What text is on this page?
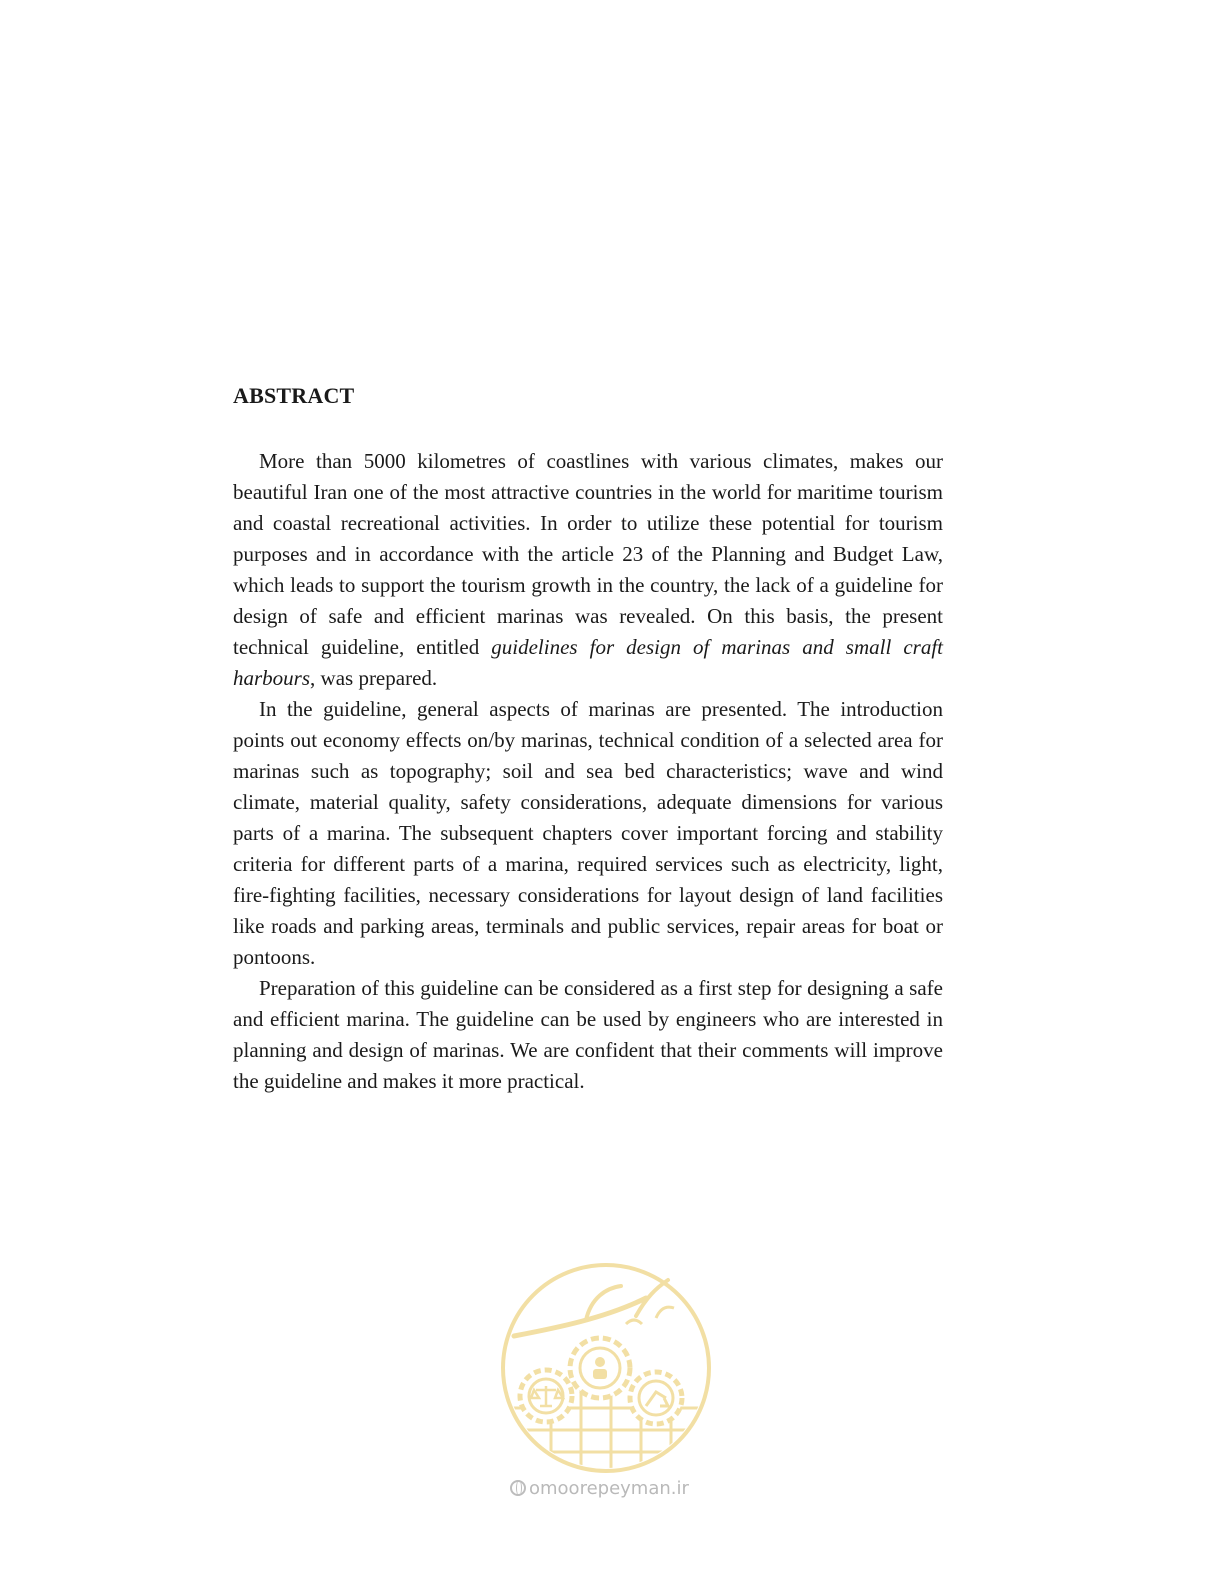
ABSTRACT

More than 5000 kilometres of coastlines with various climates, makes our beautiful Iran one of the most attractive countries in the world for maritime tourism and coastal recreational activities. In order to utilize these potential for tourism purposes and in accordance with the article 23 of the Planning and Budget Law, which leads to support the tourism growth in the country, the lack of a guideline for design of safe and efficient marinas was revealed. On this basis, the present technical guideline, entitled guidelines for design of marinas and small craft harbours, was prepared.

In the guideline, general aspects of marinas are presented. The introduction points out economy effects on/by marinas, technical condition of a selected area for marinas such as topography; soil and sea bed characteristics; wave and wind climate, material quality, safety considerations, adequate dimensions for various parts of a marina. The subsequent chapters cover important forcing and stability criteria for different parts of a marina, required services such as electricity, light, fire-fighting facilities, necessary considerations for layout design of land facilities like roads and parking areas, terminals and public services, repair areas for boat or pontoons.

Preparation of this guideline can be considered as a first step for designing a safe and efficient marina. The guideline can be used by engineers who are interested in planning and design of marinas. We are confident that their comments will improve the guideline and makes it more practical.

omoorepeyman.ir
